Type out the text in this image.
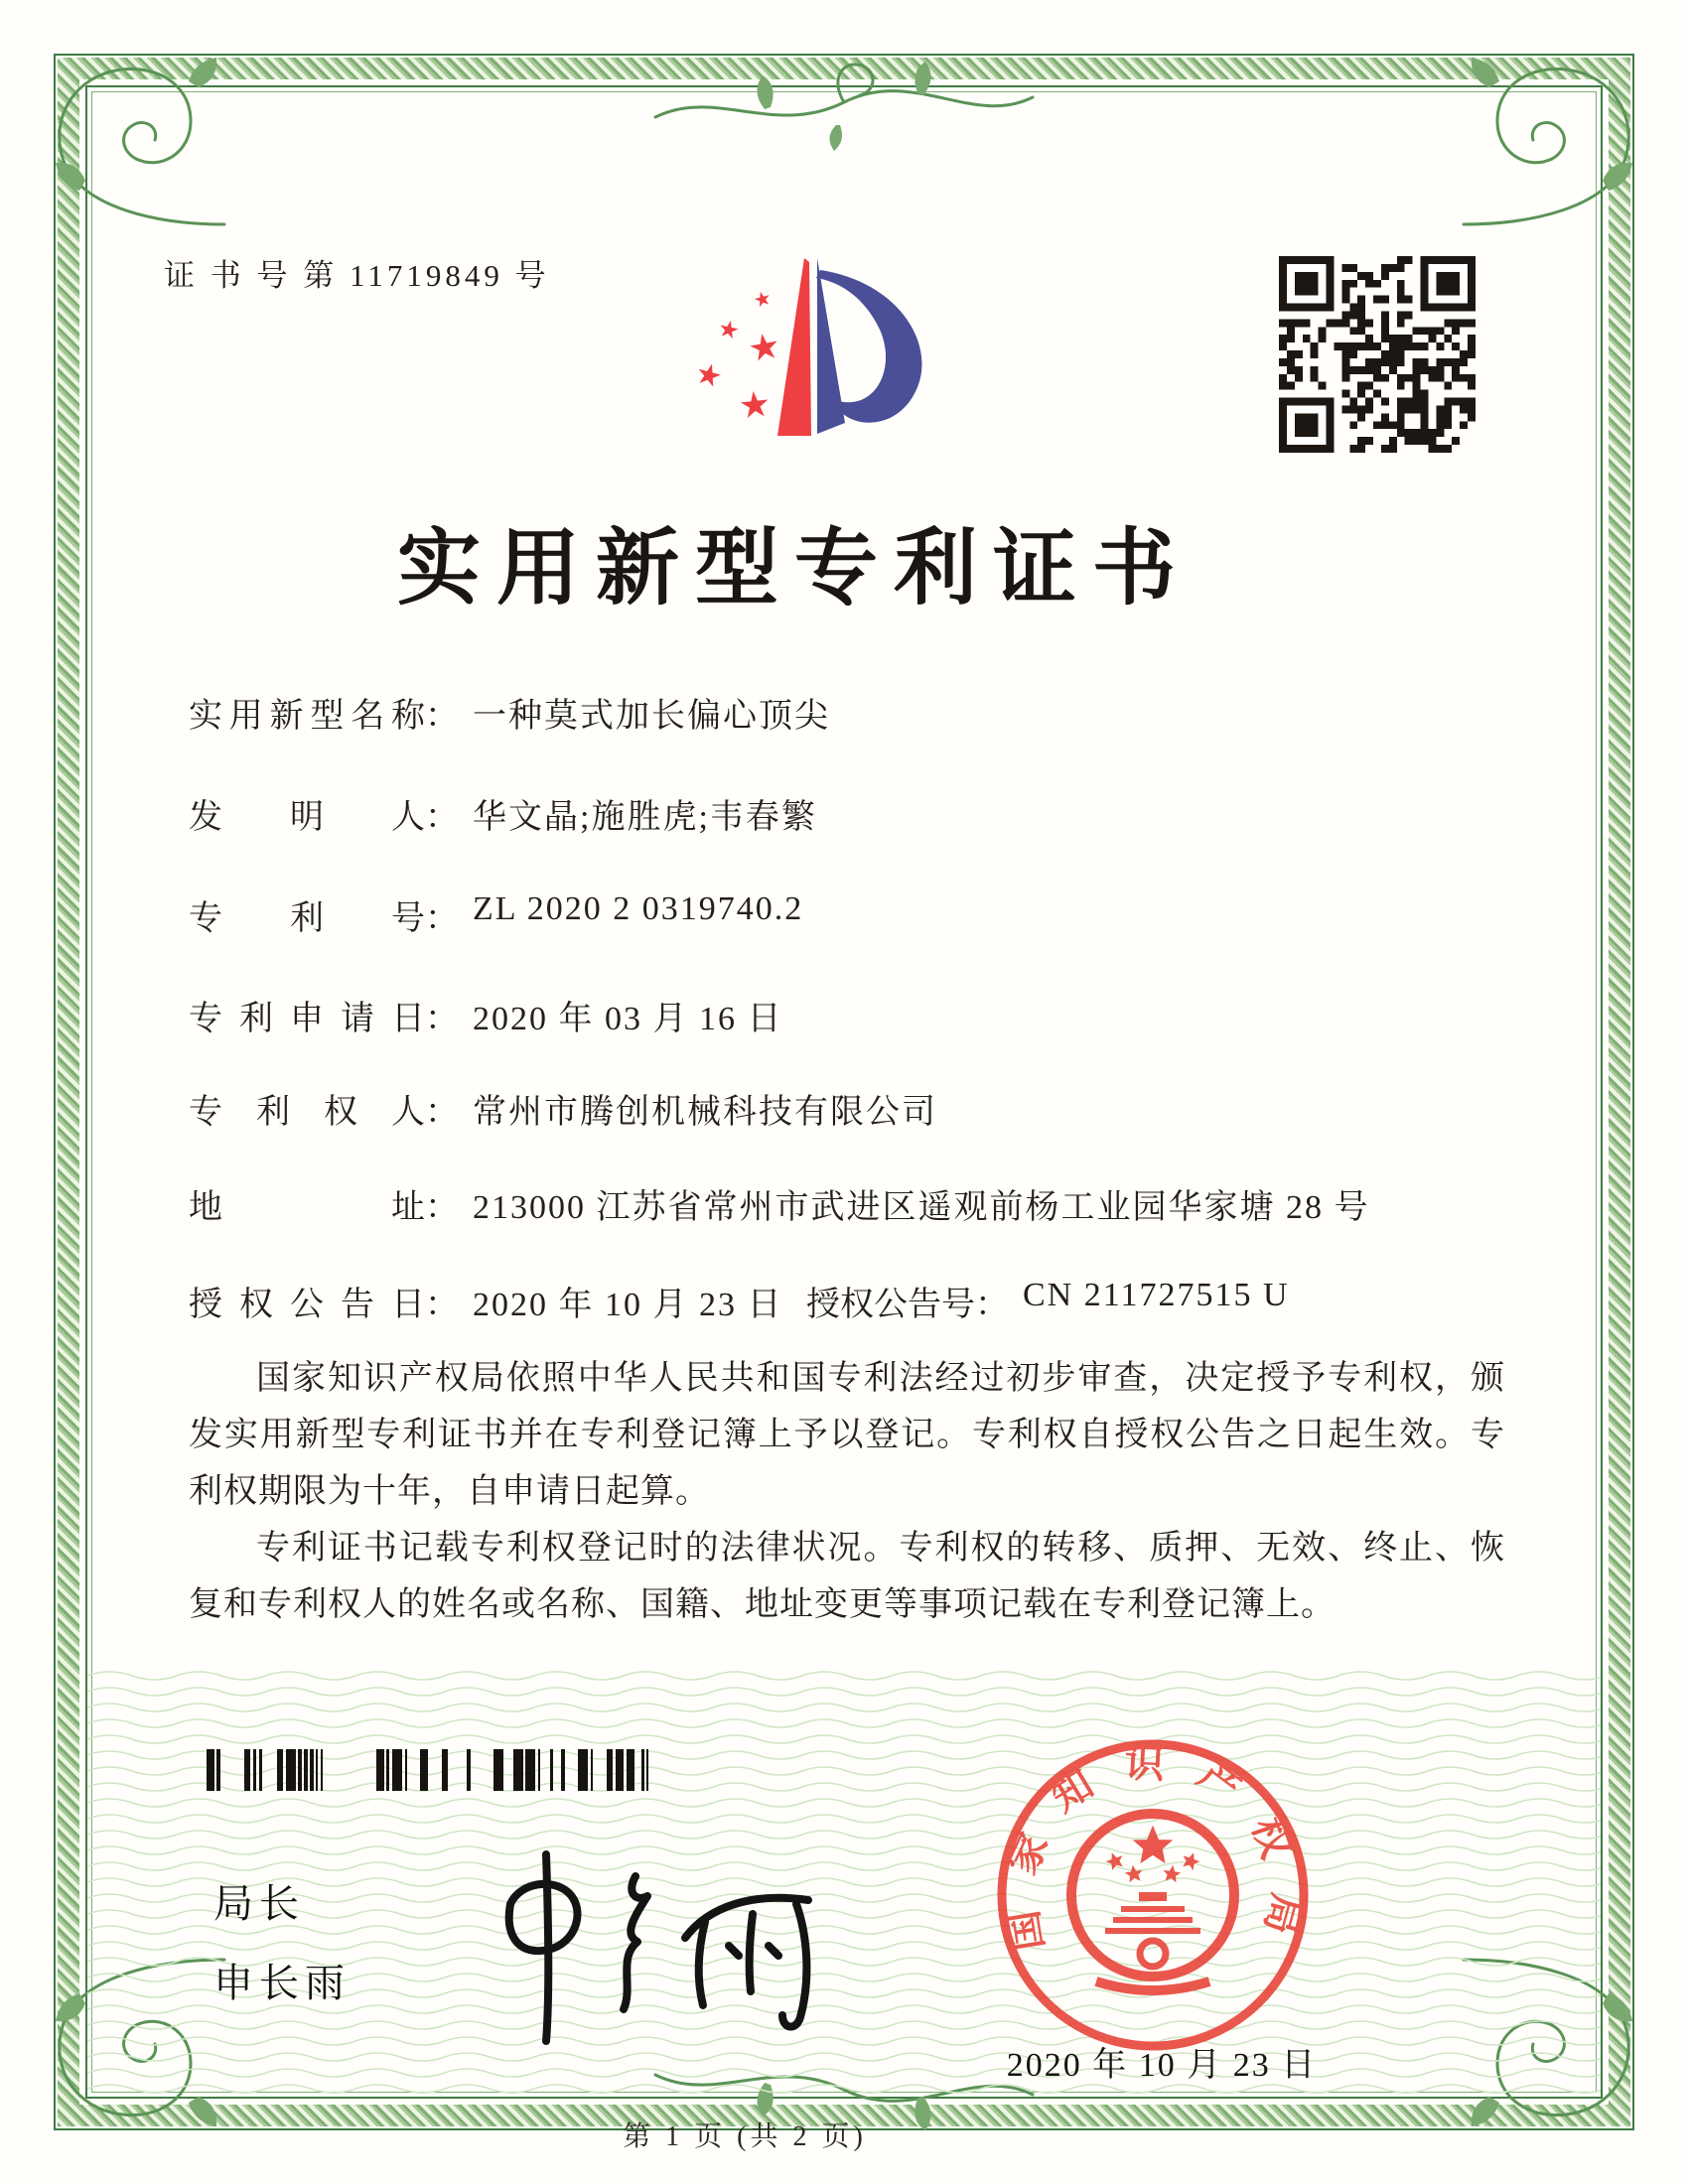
证 书 号 第 11719849 号
★
★ ★
★
★
实用新型专利证书
实用新型名称： 一种莫式加长偏心顶尖
发明人： 华文晶;施胜虎;韦春繁
专利号： ZL 2020 2 0319740.2
专利申请日： 2020 年 03 月 16 日
专利权人： 常州市腾创机械科技有限公司
地址： 213000 江苏省常州市武进区遥观前杨工业园华家塘 28 号
授权公告日： 2020 年 10 月 23 日 授权公告号： CN 211727515 U

国家知识产权局依照中华人民共和国专利法经过初步审查，决定授予专利权，颁发实用新型专利证书并在专利登记簿上予以登记。专利权自授权公告之日起生效。专利权期限为十年，自申请日起算。

专利证书记载专利权登记时的法律状况。专利权的转移、质押、无效、终止、恢复和专利权人的姓名或名称、国籍、地址变更等事项记载在专利登记簿上。

局长
申长雨
国家知识产权局
2020 年 10 月 23 日
第 1 页 (共 2 页)
